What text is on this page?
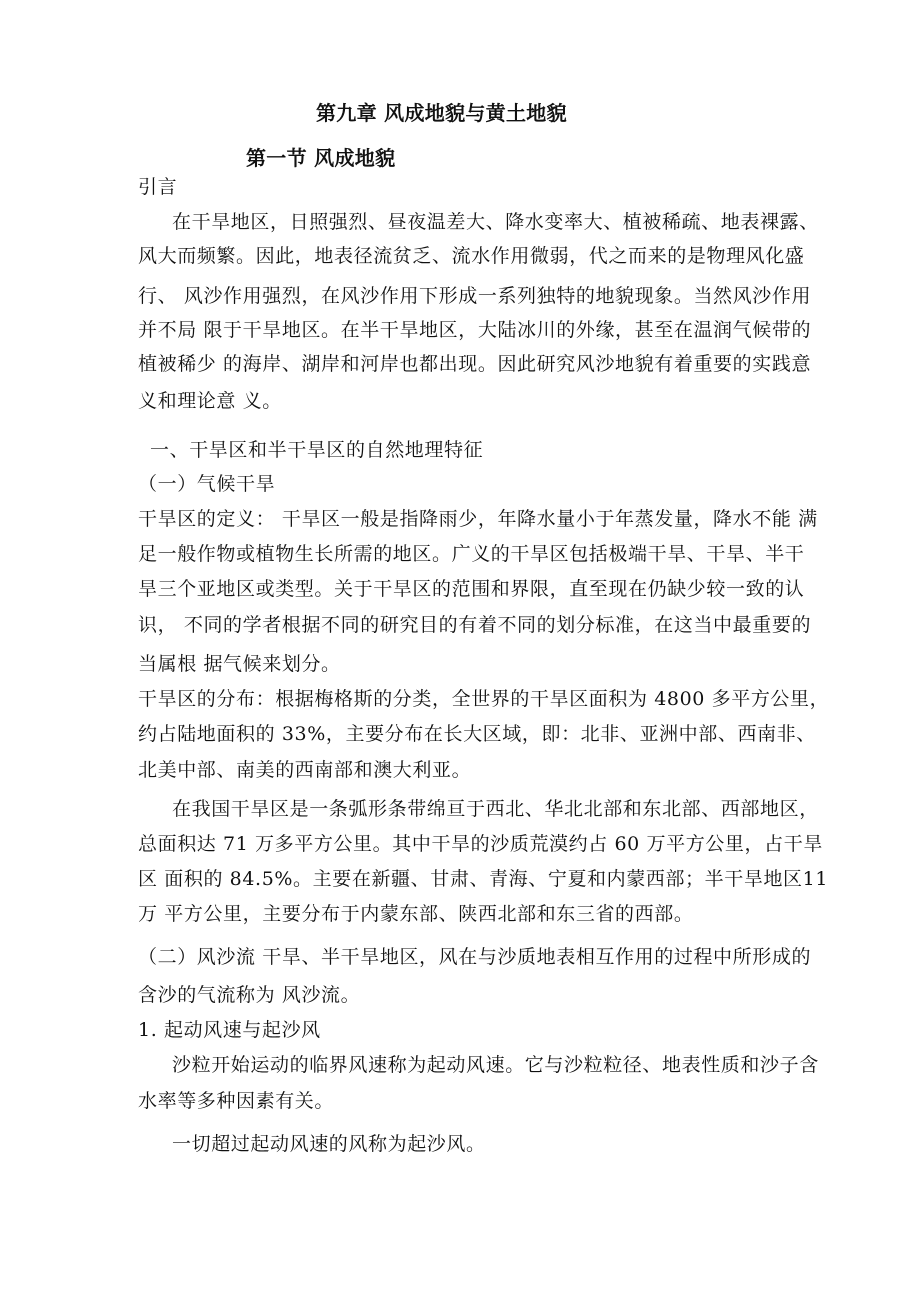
第九章 风成地貌与黄土地貌
第一节 风成地貌
引言
在干旱地区，日照强烈、昼夜温差大、降水变率大、植被稀疏、地表裸露、
风大而频繁。因此，地表径流贫乏、流水作用微弱，代之而来的是物理风化盛
行、 风沙作用强烈，在风沙作用下形成一系列独特的地貌现象。当然风沙作用
并不局 限于干旱地区。在半干旱地区，大陆冰川的外缘，甚至在温润气候带的
植被稀少 的海岸、湖岸和河岸也都出现。因此研究风沙地貌有着重要的实践意
义和理论意 义。
一、干旱区和半干旱区的自然地理特征
（一）气候干旱
干旱区的定义： 干旱区一般是指降雨少，年降水量小于年蒸发量，降水不能 满
足一般作物或植物生长所需的地区。广义的干旱区包括极端干旱、干旱、半干
旱三个亚地区或类型。关于干旱区的范围和界限，直至现在仍缺少较一致的认
识， 不同的学者根据不同的研究目的有着不同的划分标准，在这当中最重要的
当属根 据气候来划分。
干旱区的分布：根据梅格斯的分类，全世界的干旱区面积为 4800 多平方公里，
约占陆地面积的 33%，主要分布在长大区域，即：北非、亚洲中部、西南非、
北美中部、南美的西南部和澳大利亚。
在我国干旱区是一条弧形条带绵亘于西北、华北北部和东北部、西部地区，
总面积达 71 万多平方公里。其中干旱的沙质荒漠约占 60 万平方公里，占干旱
区 面积的 84.5%。主要在新疆、甘肃、青海、宁夏和内蒙西部；半干旱地区11
万 平方公里，主要分布于内蒙东部、陕西北部和东三省的西部。
（二）风沙流 干旱、半干旱地区，风在与沙质地表相互作用的过程中所形成的
含沙的气流称为 风沙流。
1. 起动风速与起沙风
沙粒开始运动的临界风速称为起动风速。它与沙粒粒径、地表性质和沙子含
水率等多种因素有关。
一切超过起动风速的风称为起沙风。
